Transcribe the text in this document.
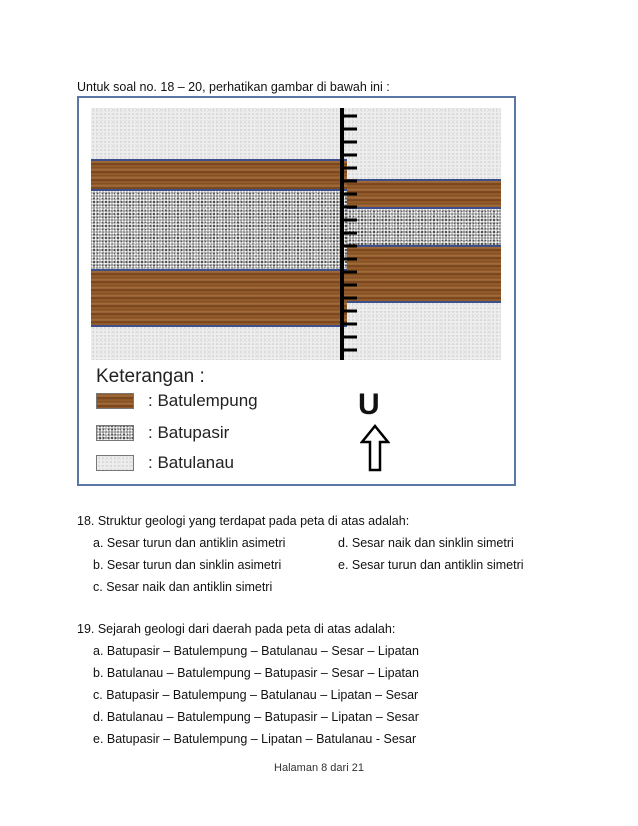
Untuk soal no. 18 – 20, perhatikan gambar di bawah ini :
Keterangan :
: Batulempung
: Batupasir
: Batulanau
U
18. Struktur geologi yang terdapat pada peta di atas adalah:
a. Sesar turun dan antiklin asimetri
b. Sesar turun dan sinklin asimetri
c. Sesar naik dan antiklin simetri
d. Sesar naik dan sinklin simetri
e. Sesar turun dan antiklin simetri
19. Sejarah geologi dari daerah pada peta di atas adalah:
a. Batupasir – Batulempung – Batulanau – Sesar – Lipatan
b. Batulanau – Batulempung – Batupasir – Sesar – Lipatan
c. Batupasir – Batulempung – Batulanau – Lipatan – Sesar
d. Batulanau – Batulempung – Batupasir – Lipatan – Sesar
e. Batupasir – Batulempung – Lipatan – Batulanau - Sesar
Halaman 8 dari 21
